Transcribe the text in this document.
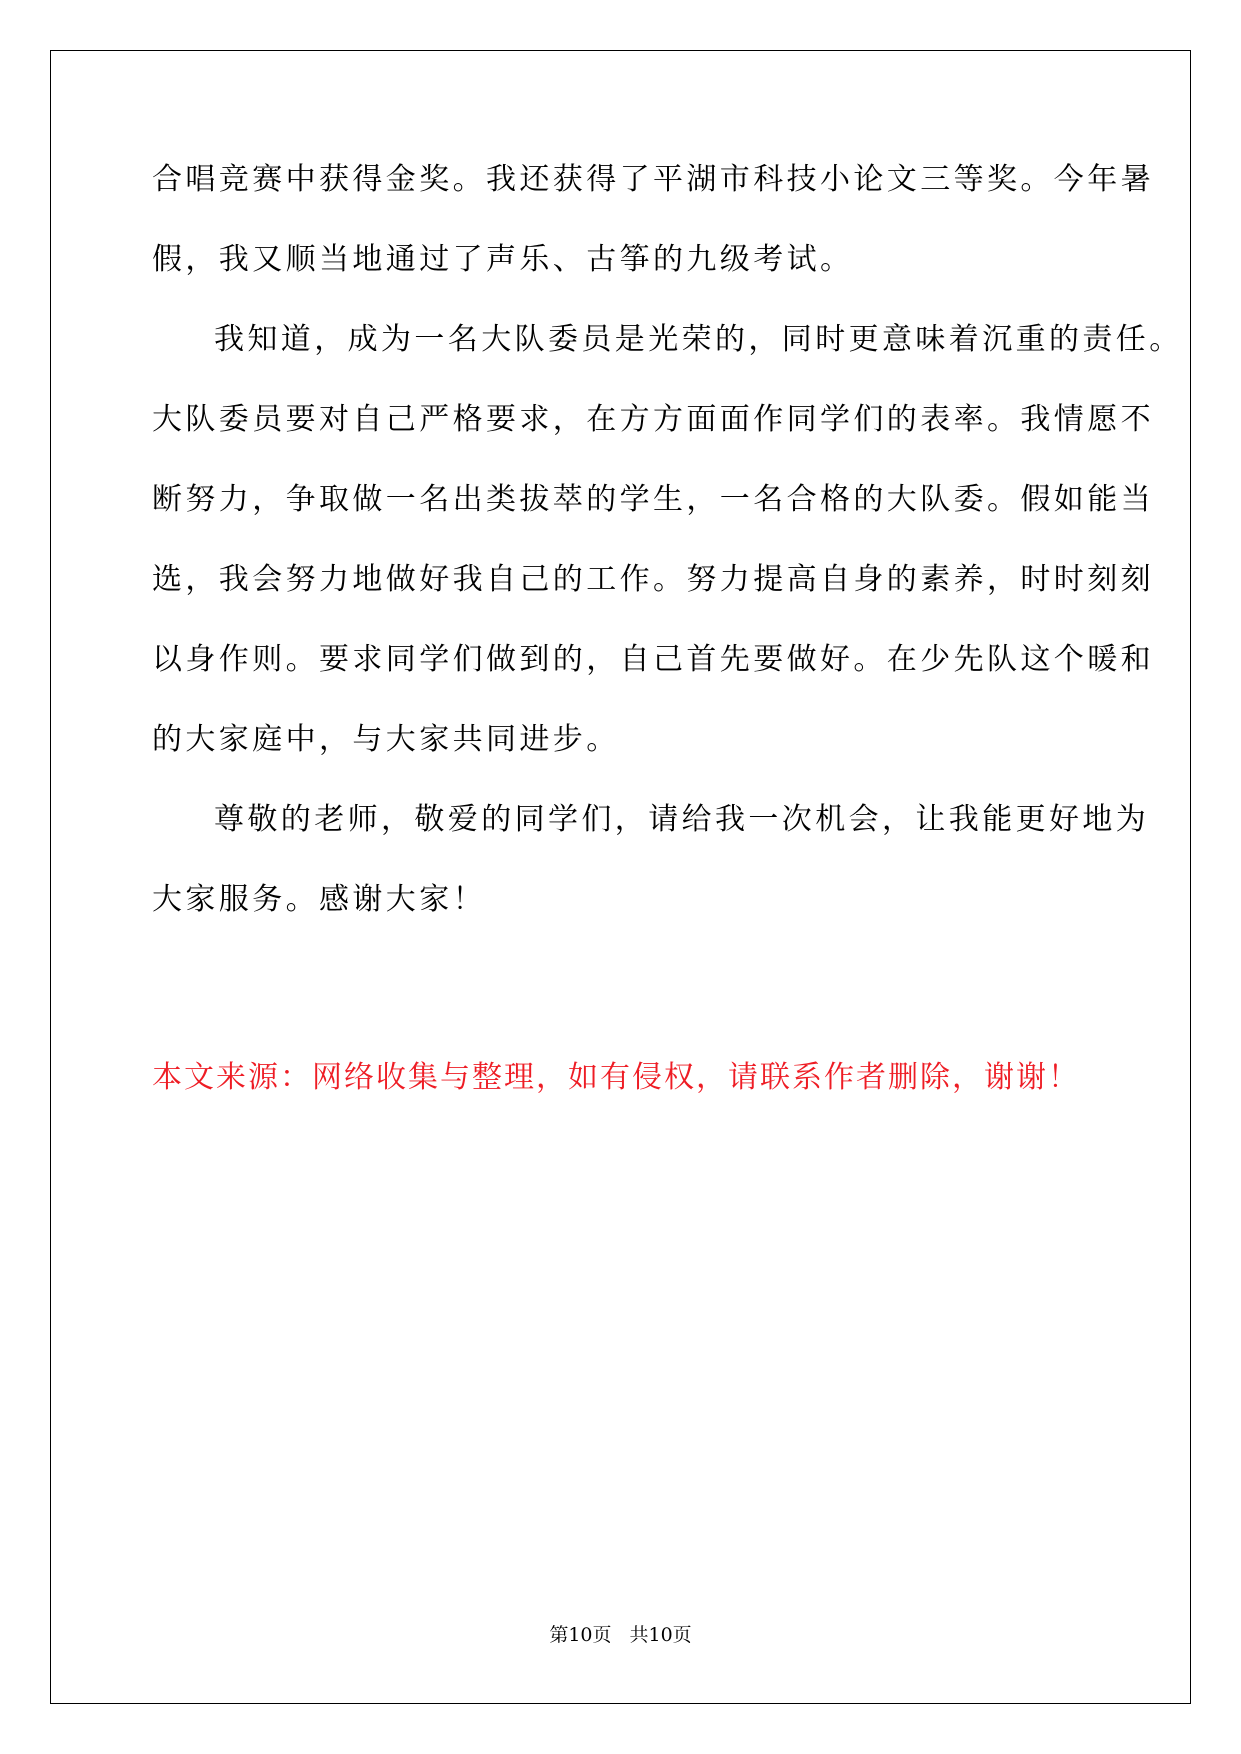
合唱竞赛中获得金奖。我还获得了平湖市科技小论文三等奖。今年暑
假，我又顺当地通过了声乐、古筝的九级考试。
我知道，成为一名大队委员是光荣的，同时更意味着沉重的责任。
大队委员要对自己严格要求，在方方面面作同学们的表率。我情愿不
断努力，争取做一名出类拔萃的学生，一名合格的大队委。假如能当
选，我会努力地做好我自己的工作。努力提高自身的素养，时时刻刻
以身作则。要求同学们做到的，自己首先要做好。在少先队这个暖和
的大家庭中，与大家共同进步。
尊敬的老师，敬爱的同学们，请给我一次机会，让我能更好地为
大家服务。感谢大家！
本文来源：网络收集与整理，如有侵权，请联系作者删除，谢谢！
第10页 共10页
